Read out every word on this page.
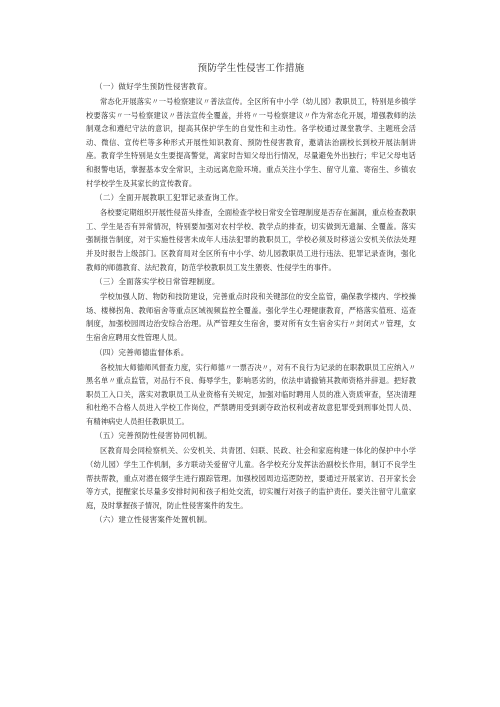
预防学生性侵害工作措施
（一）做好学生预防性侵害教育。

常态化开展落实〃一号检察建议〃普法宣传。全区所有中小学（幼儿园）教职员工，特别是乡镇学校要落实〃一号检察建议〃普法宣传全覆盖，并将〃一号检察建议〃作为常态化开展，增强教师的法制观念和遵纪守法的意识，提高其保护学生的自觉性和主动性。各学校通过课堂教学、主题班会活动、微信、宣传栏等多种形式开展性知识教育、预防性侵害教育，邀请法治副校长到校开展法制讲座。教育学生特别是女生要提高警觉，离家时告知父母出行情况，尽量避免外出独行；牢记父母电话和报警电话，掌握基本安全常识，主动远离危险环境。重点关注小学生、留守儿童、寄宿生、乡镇农村学校学生及其家长的宣传教育。

（二）全面开展教职工犯罪记录查询工作。

各校要定期组织开展性侵苗头排查，全面检查学校日常安全管理制度是否存在漏洞，重点检查教职工、学生是否有异常情况，特别要加强对农村学校、教学点的排查，切实做到无遗漏、全覆盖。落实强制报告制度，对于实施性侵害未成年人违法犯罪的教职员工，学校必须及时移送公安机关依法处理并及时报告上级部门。区教育局对全区所有中小学、幼儿园教职员工进行违法、犯罪记录查询，强化教师的师德教育、法纪教育，防范学校教职员工发生猥亵、性侵学生的事件。

（三）全面落实学校日常管理制度。

学校加强人防、物防和技防建设，完善重点时段和关键部位的安全监管，确保教学楼内、学校操场、楼梯拐角、教师宿舍等重点区域视频监控全覆盖。强化学生心理健康教育，严格落实值班、巡查制度，加强校园周边治安综合治理。从严管理女生宿舍，要对所有女生宿舍实行〃封闭式〃管理，女生宿舍应聘用女性管理人员。

（四）完善师德监督体系。

各校加大师德师风督查力度，实行师德〃一票否决〃，对有不良行为记录的在职教职员工应纳入〃黑名单〃重点监管，对品行不良、侮辱学生，影响恶劣的，依法申请撤销其教师资格并辞退。把好教职员工入口关，落实对教职员工从业资格有关规定，加强对临时聘用人员的准入资质审查，坚决清理和杜绝不合格人员进入学校工作岗位，严禁聘用受到剥夺政治权利或者故意犯罪受到刑事处罚人员、有精神病史人员担任教职员工。

（五）完善预防性侵害协同机制。

区教育局会同检察机关、公安机关、共青团、妇联、民政、社会和家庭构建一体化的保护中小学（幼儿园）学生工作机制，多方联动关爱留守儿童。各学校充分发挥法治副校长作用，制订不良学生帮扶帮教，重点对潜在辍学生进行跟踪管理。加强校园周边巡逻防控，要通过开展家访、召开家长会等方式，提醒家长尽量多安排时间和孩子相处交流，切实履行对孩子的监护责任。要关注留守儿童家庭，及时掌握孩子情况，防止性侵害案件的发生。

（六）建立性侵害案件处置机制。
